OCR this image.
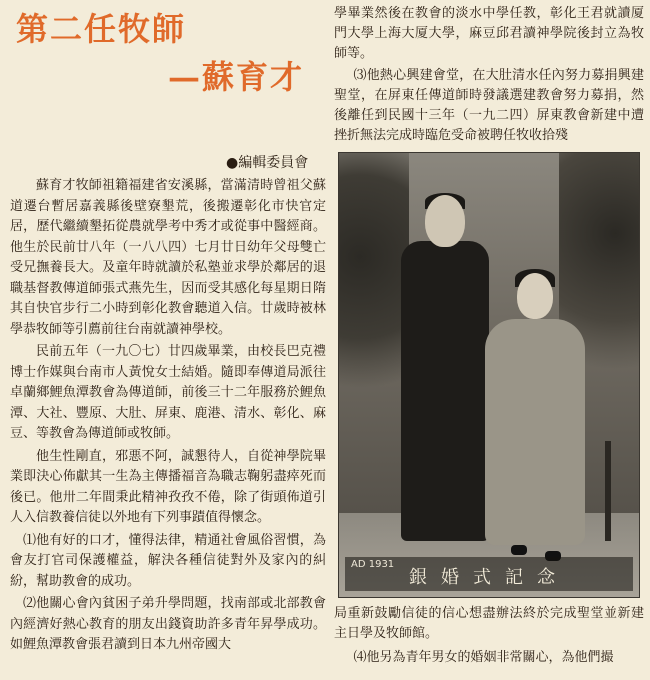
第二任牧師
—蘇育才
●編輯委員會

蘇育才牧師祖籍福建省安溪縣，當滿清時曾祖父蘇道遷台暫居嘉義縣後壁寮墾荒，後搬遷彰化市快官定居，歷代繼續墾拓從農就學考中秀才或從事中醫經商。他生於民前廿八年（一八八四）七月廿日幼年父母雙亡受兄撫養長大。及童年時就讀於私塾並求學於鄰居的退職基督教傳道師張式燕先生，因而受其感化每星期日隋其自快官步行二小時到彰化教會聽道入信。廿歲時被林學恭牧師等引薦前往台南就讀神學校。

民前五年（一九〇七）廿四歲畢業，由校長巴克禮博士作媒與台南市人黃悅女士結婚。隨即奉傳道局派往卓蘭鄉鯉魚潭教會為傳道師，前後三十二年服務於鯉魚潭、大社、豐原、大肚、屏東、鹿港、清水、彰化、麻豆、等教會為傳道師或牧師。

他生性剛直，邪悪不阿，誠懇待人，自從神學院畢業即決心佈獻其一生為主傳播福音為職志鞠躬盡瘁死而後已。他卅二年間秉此精神孜孜不倦，除了街頭佈道引人入信教養信徒以外地有下列事蹟值得懷念。

⑴他有好的口才，懂得法律，精通社會風俗習慣，為會友打官司保護權益，解決各種信徒對外及家內的糾紛，幫助教會的成功。

⑵他關心會內貧困子弟升學問題，找南部或北部教會內經濟好熱心教育的朋友出錢資助許多青年昇學成功。如鯉魚潭教會張君讀到日本九州帝國大

學畢業然後在教會的淡水中學任教，彰化王君就讀厦門大學上海大厦大學，麻豆邱君讀神學院後封立為牧師等。

⑶他熱心興建會堂，在大肚清水任內努力募捐興建聖堂，在屏東任傳道師時發議選建教會努力募捐，然後離任到民國十三年（一九二四）屏東教會新建中遭挫折無法完成時臨危受命被聘任牧收拾殘

AD 1931
銀婚式記念

局重新鼓勵信徒的信心想盡辦法終於完成聖堂並新建主日學及牧師館。

⑷他另為青年男女的婚姻非常關心，為他們撮
